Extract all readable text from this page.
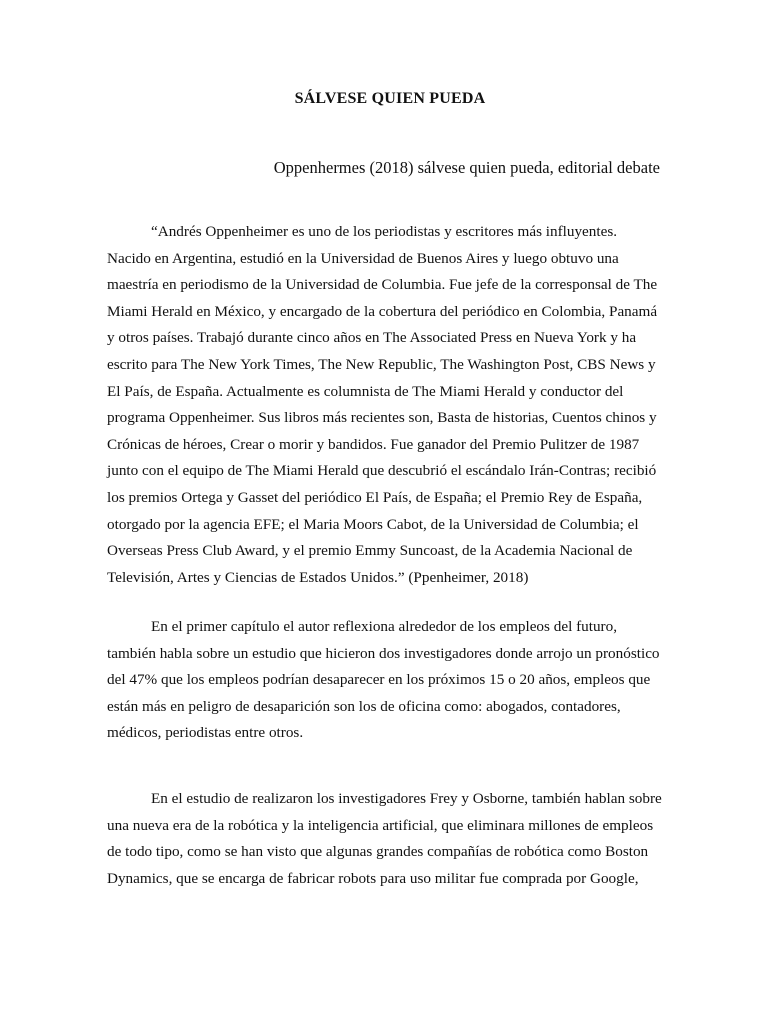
SÁLVESE QUIEN PUEDA

Oppenhermes (2018) sálvese quien pueda, editorial debate

“Andrés Oppenheimer es uno de los periodistas y escritores más influyentes. Nacido en Argentina, estudió en la Universidad de Buenos Aires y luego obtuvo una maestría en periodismo de la Universidad de Columbia. Fue jefe de la corresponsal de The Miami Herald en México, y encargado de la cobertura del periódico en Colombia, Panamá y otros países. Trabajó durante cinco años en The Associated Press en Nueva York y ha escrito para The New York Times, The New Republic, The Washington Post, CBS News y El País, de España. Actualmente es columnista de The Miami Herald y conductor del programa Oppenheimer. Sus libros más recientes son, Basta de historias, Cuentos chinos y Crónicas de héroes, Crear o morir y bandidos. Fue ganador del Premio Pulitzer de 1987 junto con el equipo de The Miami Herald que descubrió el escándalo Irán-Contras; recibió los premios Ortega y Gasset del periódico El País, de España; el Premio Rey de España, otorgado por la agencia EFE; el Maria Moors Cabot, de la Universidad de Columbia; el Overseas Press Club Award, y el premio Emmy Suncoast, de la Academia Nacional de Televisión, Artes y Ciencias de Estados Unidos.” (Ppenheimer, 2018)

En el primer capítulo el autor reflexiona alrededor de los empleos del futuro, también habla sobre un estudio que hicieron dos investigadores donde arrojo un pronóstico del 47% que los empleos podrían desaparecer en los próximos 15 o 20 años, empleos que están más en peligro de desaparición son los de oficina como: abogados, contadores, médicos, periodistas entre otros.

En el estudio de realizaron los investigadores Frey y Osborne, también hablan sobre una nueva era de la robótica y la inteligencia artificial, que eliminara millones de empleos de todo tipo, como se han visto que algunas grandes compañías de robótica como Boston Dynamics, que se encarga de fabricar robots para uso militar fue comprada por Google,
